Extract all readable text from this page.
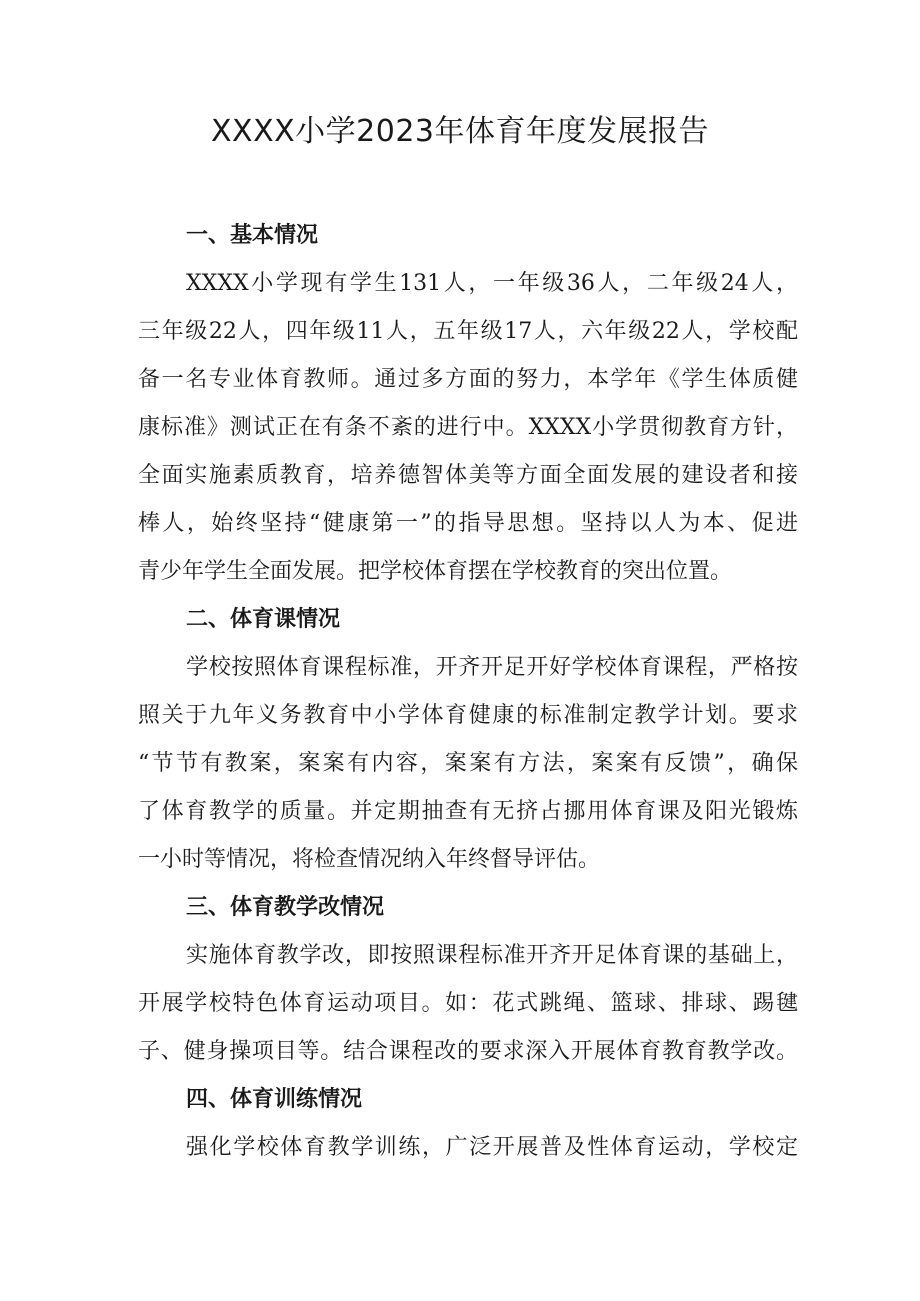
XXXX小学2023年体育年度发展报告
一、基本情况

XXXX小学现有学生131人，一年级36人，二年级24人，

三年级22人，四年级11人，五年级17人，六年级22人，学校配

备一名专业体育教师。通过多方面的努力，本学年《学生体质健

康标准》测试正在有条不紊的进行中。XXXX小学贯彻教育方针，

全面实施素质教育，培养德智体美等方面全面发展的建设者和接

棒人，始终坚持“健康第一”的指导思想。坚持以人为本、促进

青少年学生全面发展。把学校体育摆在学校教育的突出位置。

二、体育课情况

学校按照体育课程标准，开齐开足开好学校体育课程，严格按

照关于九年义务教育中小学体育健康的标准制定教学计划。要求

“节节有教案，案案有内容，案案有方法，案案有反馈”，确保

了体育教学的质量。并定期抽查有无挤占挪用体育课及阳光锻炼

一小时等情况，将检查情况纳入年终督导评估。

三、体育教学改情况

实施体育教学改，即按照课程标准开齐开足体育课的基础上，

开展学校特色体育运动项目。如：花式跳绳、篮球、排球、踢毽

子、健身操项目等。结合课程改的要求深入开展体育教育教学改。

四、体育训练情况

强化学校体育教学训练，广泛开展普及性体育运动，学校定
